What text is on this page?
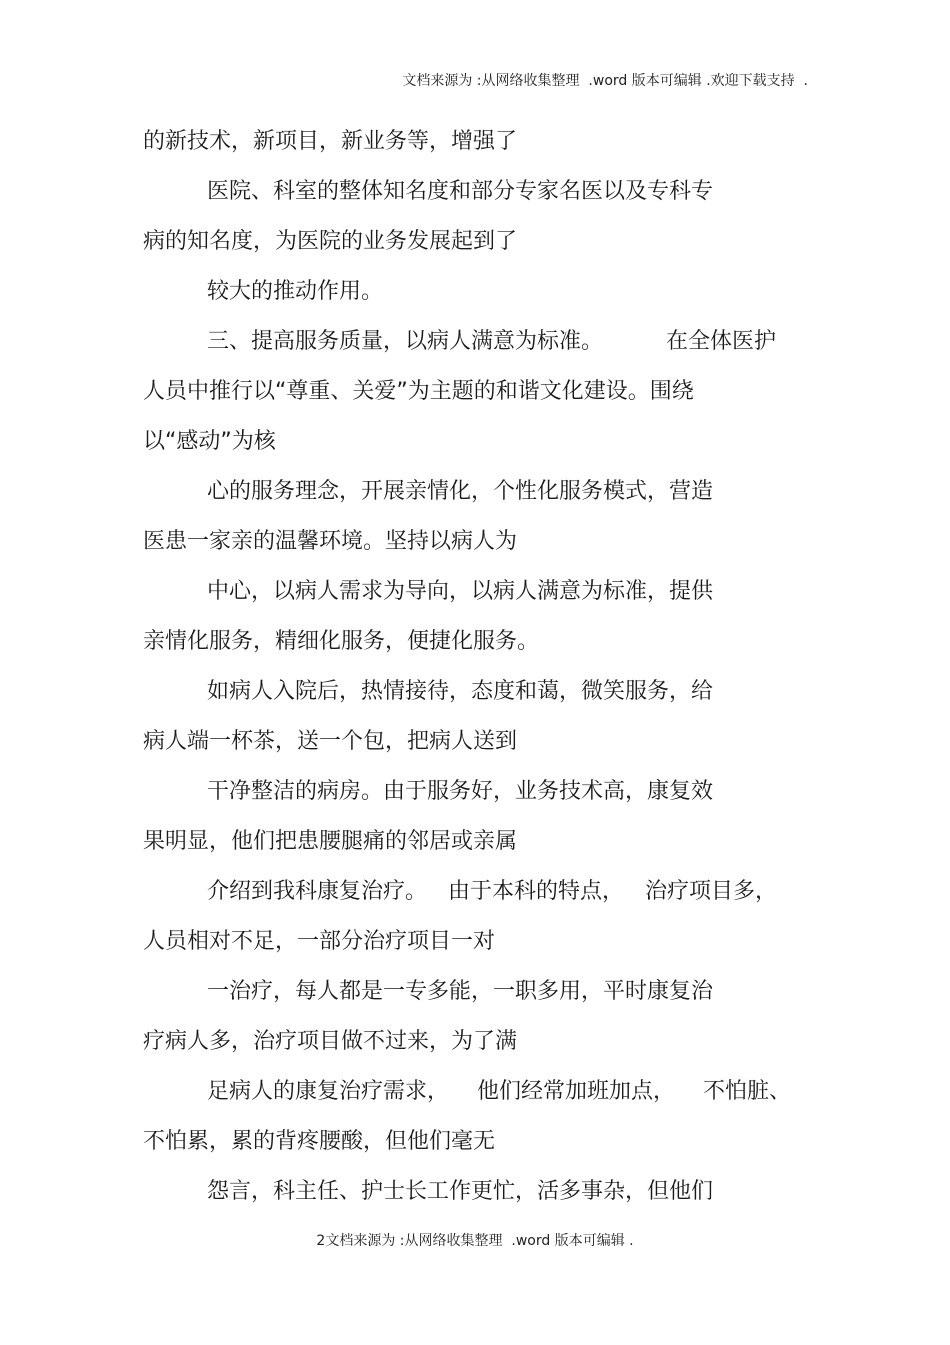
文档来源为 :从网络收集整理  .word 版本可编辑 .欢迎下载支持  .
的新技术，新项目，新业务等，增强了
医院、科室的整体知名度和部分专家名医以及专科专
病的知名度，为医院的业务发展起到了
较大的推动作用。
三、提高服务质量，以病人满意为标准。         在全体医护
人员中推行以“尊重、关爱”为主题的和谐文化建设。围绕
以“感动”为核
心的服务理念，开展亲情化，个性化服务模式，营造
医患一家亲的温馨环境。坚持以病人为
中心，以病人需求为导向，以病人满意为标准，提供
亲情化服务，精细化服务，便捷化服务。
如病人入院后，热情接待，态度和蔼，微笑服务，给
病人端一杯茶，送一个包，把病人送到
干净整洁的病房。由于服务好，业务技术高，康复效
果明显，他们把患腰腿痛的邻居或亲属
介绍到我科康复治疗。   由于本科的特点，   治疗项目多，
人员相对不足，一部分治疗项目一对
一治疗，每人都是一专多能，一职多用，平时康复治
疗病人多，治疗项目做不过来，为了满
足病人的康复治疗需求，    他们经常加班加点，    不怕脏、
不怕累，累的背疼腰酸，但他们毫无
怨言，科主任、护士长工作更忙，活多事杂，但他们
2文档来源为 :从网络收集整理  .word 版本可编辑 .
